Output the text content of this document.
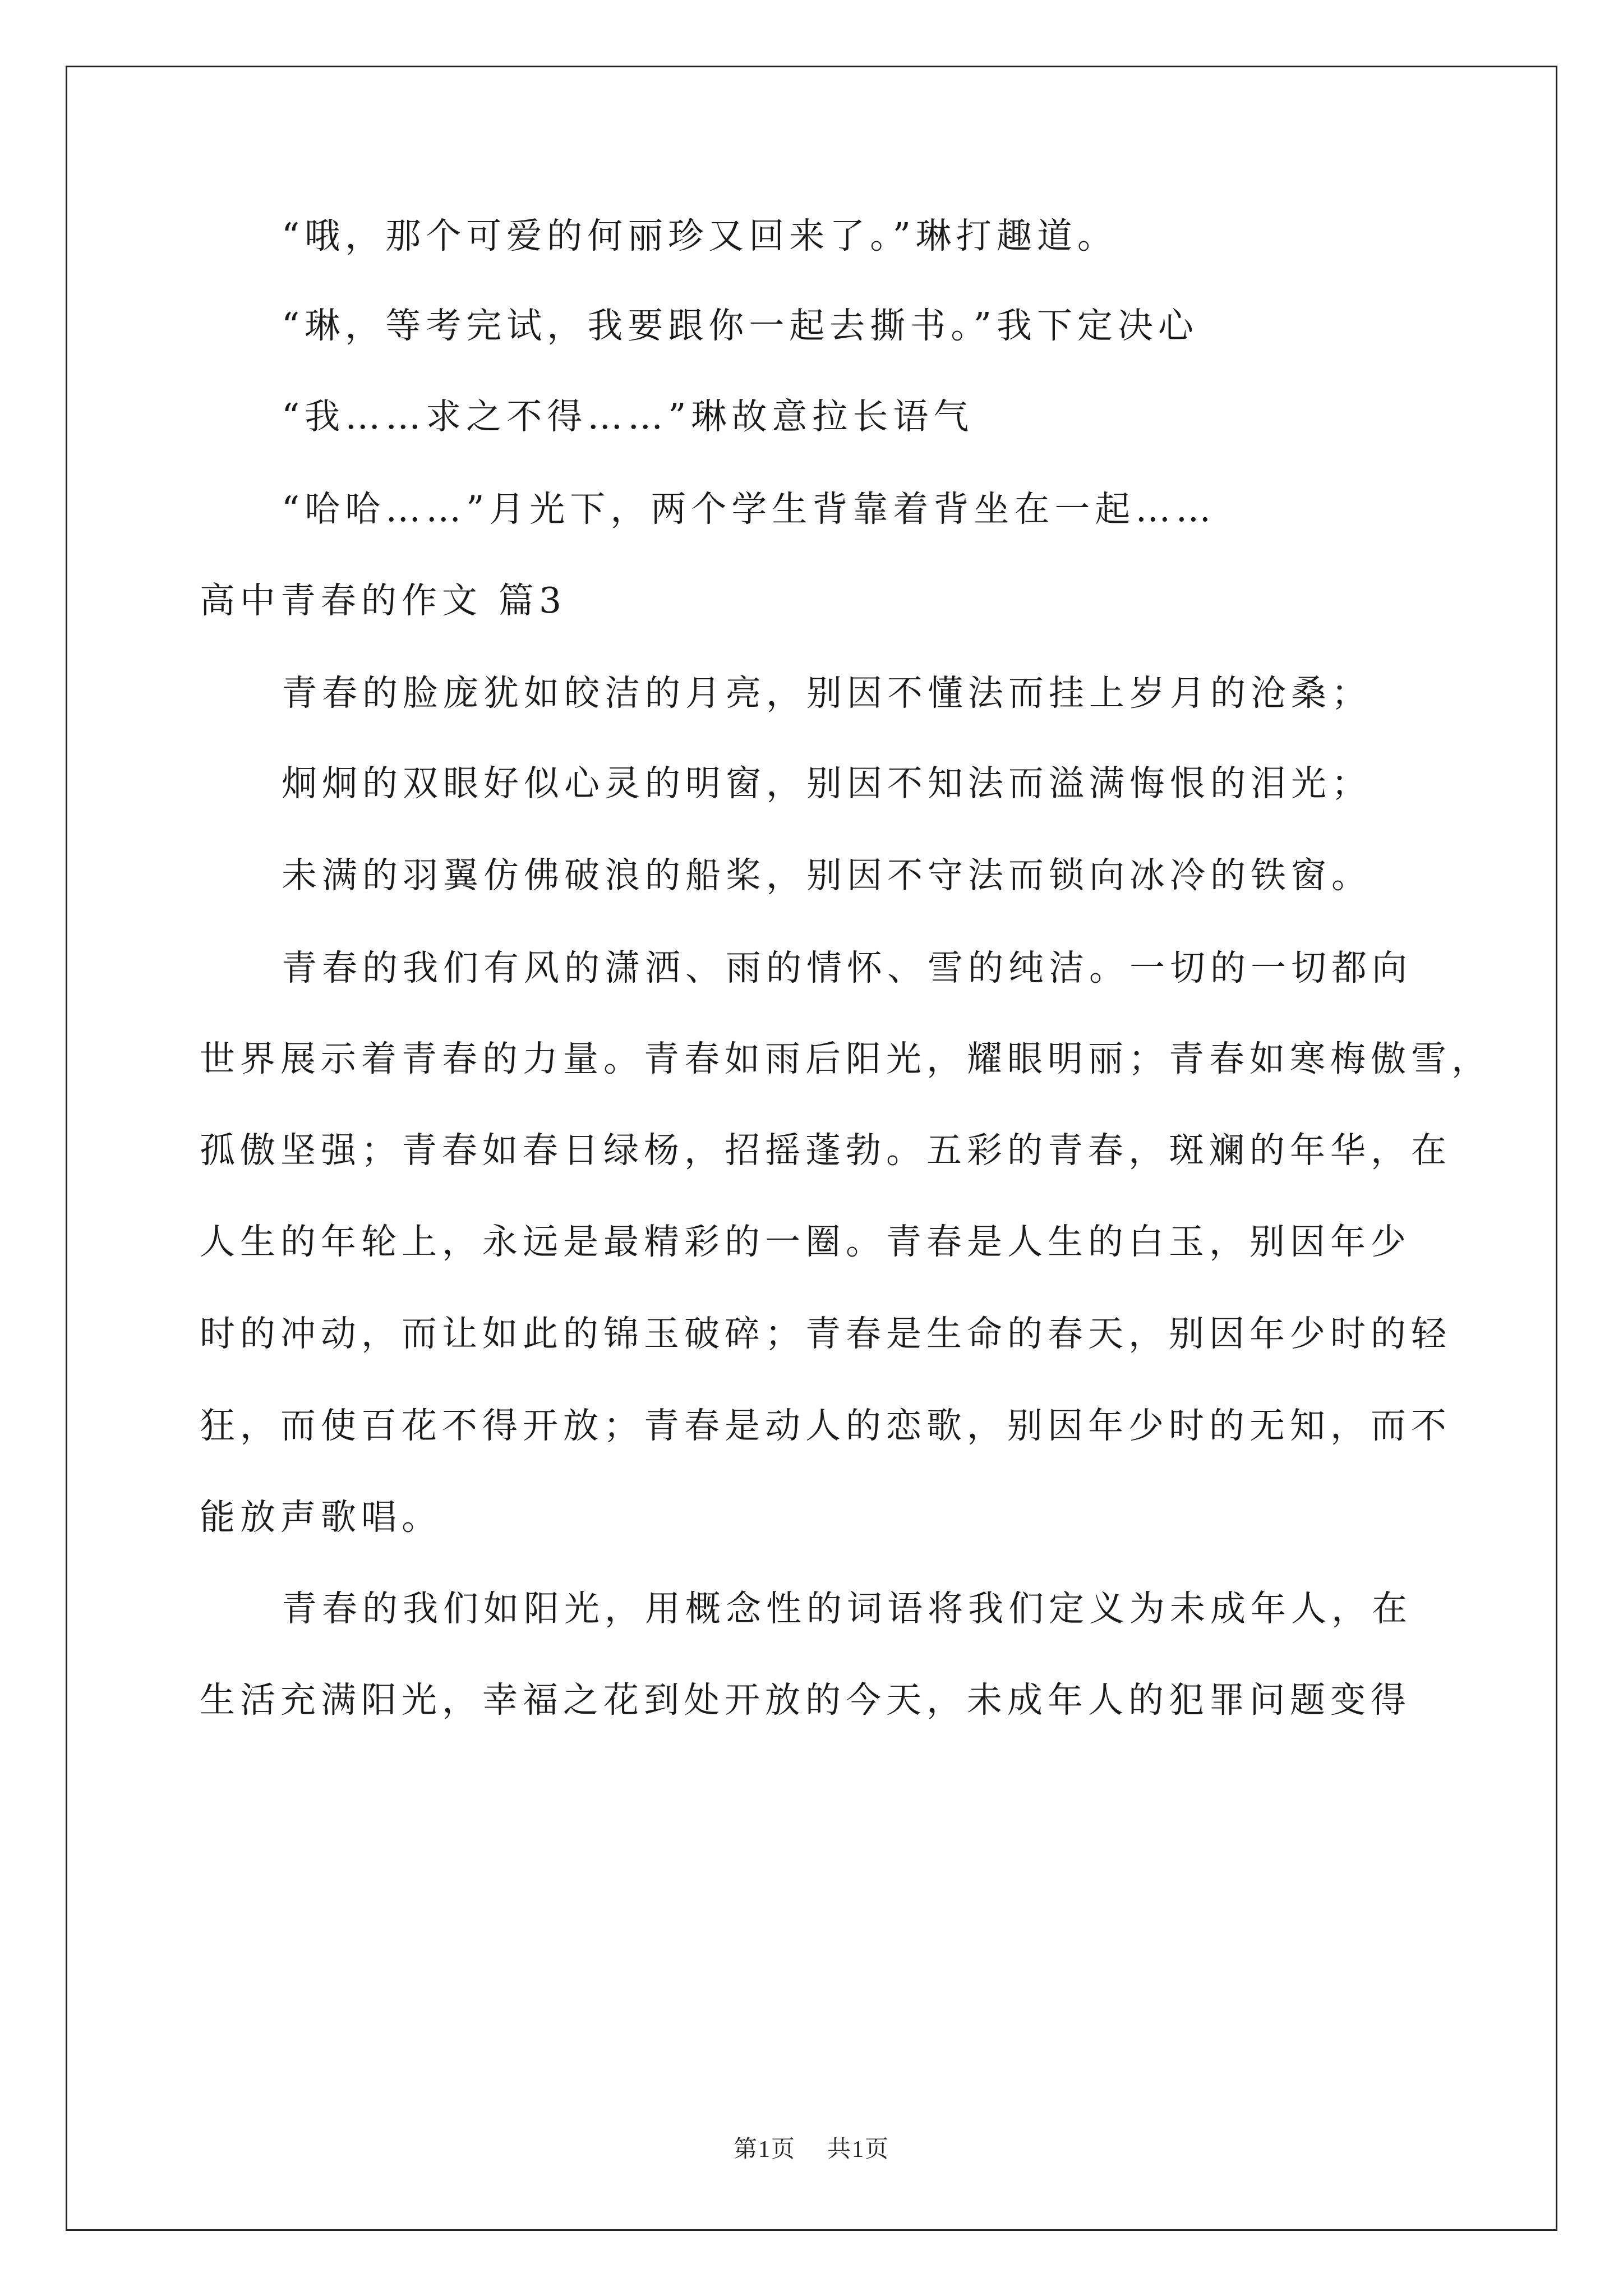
“哦，那个可爱的何丽珍又回来了。”琳打趣道。
“琳，等考完试，我要跟你一起去撕书。”我下定决心
“我……求之不得……”琳故意拉长语气
“哈哈……”月光下，两个学生背靠着背坐在一起……
高中青春的作文 篇3
青春的脸庞犹如皎洁的月亮，别因不懂法而挂上岁月的沧桑；
炯炯的双眼好似心灵的明窗，别因不知法而溢满悔恨的泪光；
未满的羽翼仿佛破浪的船桨，别因不守法而锁向冰冷的铁窗。
青春的我们有风的潇洒、雨的情怀、雪的纯洁。一切的一切都向
世界展示着青春的力量。青春如雨后阳光，耀眼明丽；青春如寒梅傲雪，
孤傲坚强；青春如春日绿杨，招摇蓬勃。五彩的青春，斑斓的年华，在
人生的年轮上，永远是最精彩的一圈。青春是人生的白玉，别因年少
时的冲动，而让如此的锦玉破碎；青春是生命的春天，别因年少时的轻
狂，而使百花不得开放；青春是动人的恋歌，别因年少时的无知，而不
能放声歌唱。
青春的我们如阳光，用概念性的词语将我们定义为未成年人，在
生活充满阳光，幸福之花到处开放的今天，未成年人的犯罪问题变得
第1页 共1页
